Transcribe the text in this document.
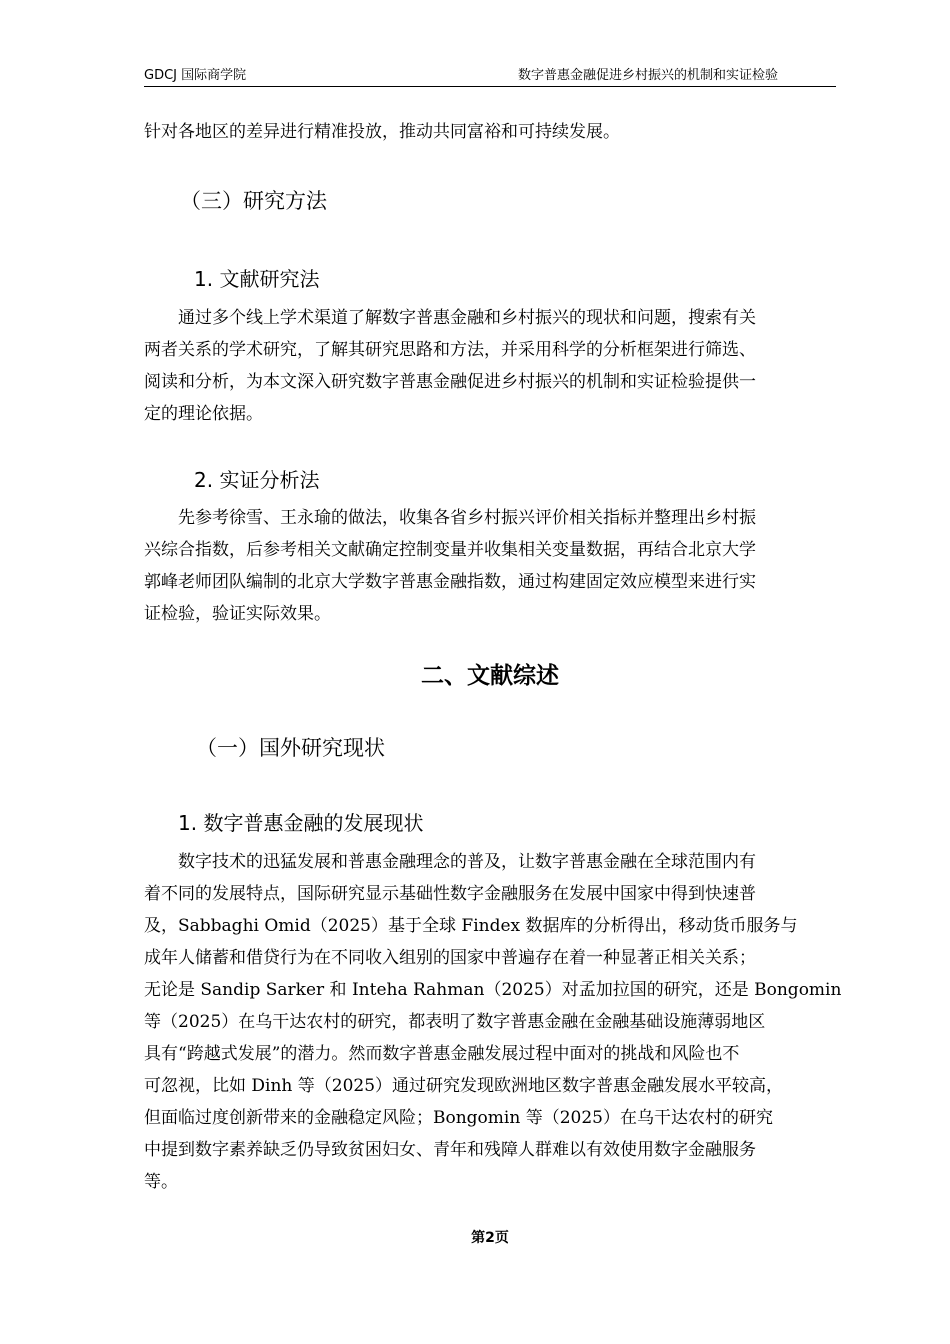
GDCJ 国际商学院	数字普惠金融促进乡村振兴的机制和实证检验
针对各地区的差异进行精准投放，推动共同富裕和可持续发展。
（三）研究方法
1. 文献研究法
　　通过多个线上学术渠道了解数字普惠金融和乡村振兴的现状和问题，搜索有关
两者关系的学术研究，了解其研究思路和方法，并采用科学的分析框架进行筛选、
阅读和分析，为本文深入研究数字普惠金融促进乡村振兴的机制和实证检验提供一
定的理论依据。
2. 实证分析法
　　先参考徐雪、王永瑜的做法，收集各省乡村振兴评价相关指标并整理出乡村振
兴综合指数，后参考相关文献确定控制变量并收集相关变量数据，再结合北京大学
郭峰老师团队编制的北京大学数字普惠金融指数，通过构建固定效应模型来进行实
证检验，验证实际效果。
二、文献综述
（一）国外研究现状
1. 数字普惠金融的发展现状
　　数字技术的迅猛发展和普惠金融理念的普及，让数字普惠金融在全球范围内有
着不同的发展特点，国际研究显示基础性数字金融服务在发展中国家中得到快速普
及，Sabbaghi Omid（2025）基于全球 Findex 数据库的分析得出，移动货币服务与
成年人储蓄和借贷行为在不同收入组别的国家中普遍存在着一种显著正相关关系；
无论是 Sandip Sarker 和 Inteha Rahman（2025）对孟加拉国的研究，还是 Bongomin
等（2025）在乌干达农村的研究，都表明了数字普惠金融在金融基础设施薄弱地区
具有“跨越式发展”的潜力。然而数字普惠金融发展过程中面对的挑战和风险也不
可忽视，比如 Dinh 等（2025）通过研究发现欧洲地区数字普惠金融发展水平较高，
但面临过度创新带来的金融稳定风险；Bongomin 等（2025）在乌干达农村的研究
中提到数字素养缺乏仍导致贫困妇女、青年和残障人群难以有效使用数字金融服务
等。
第2页
